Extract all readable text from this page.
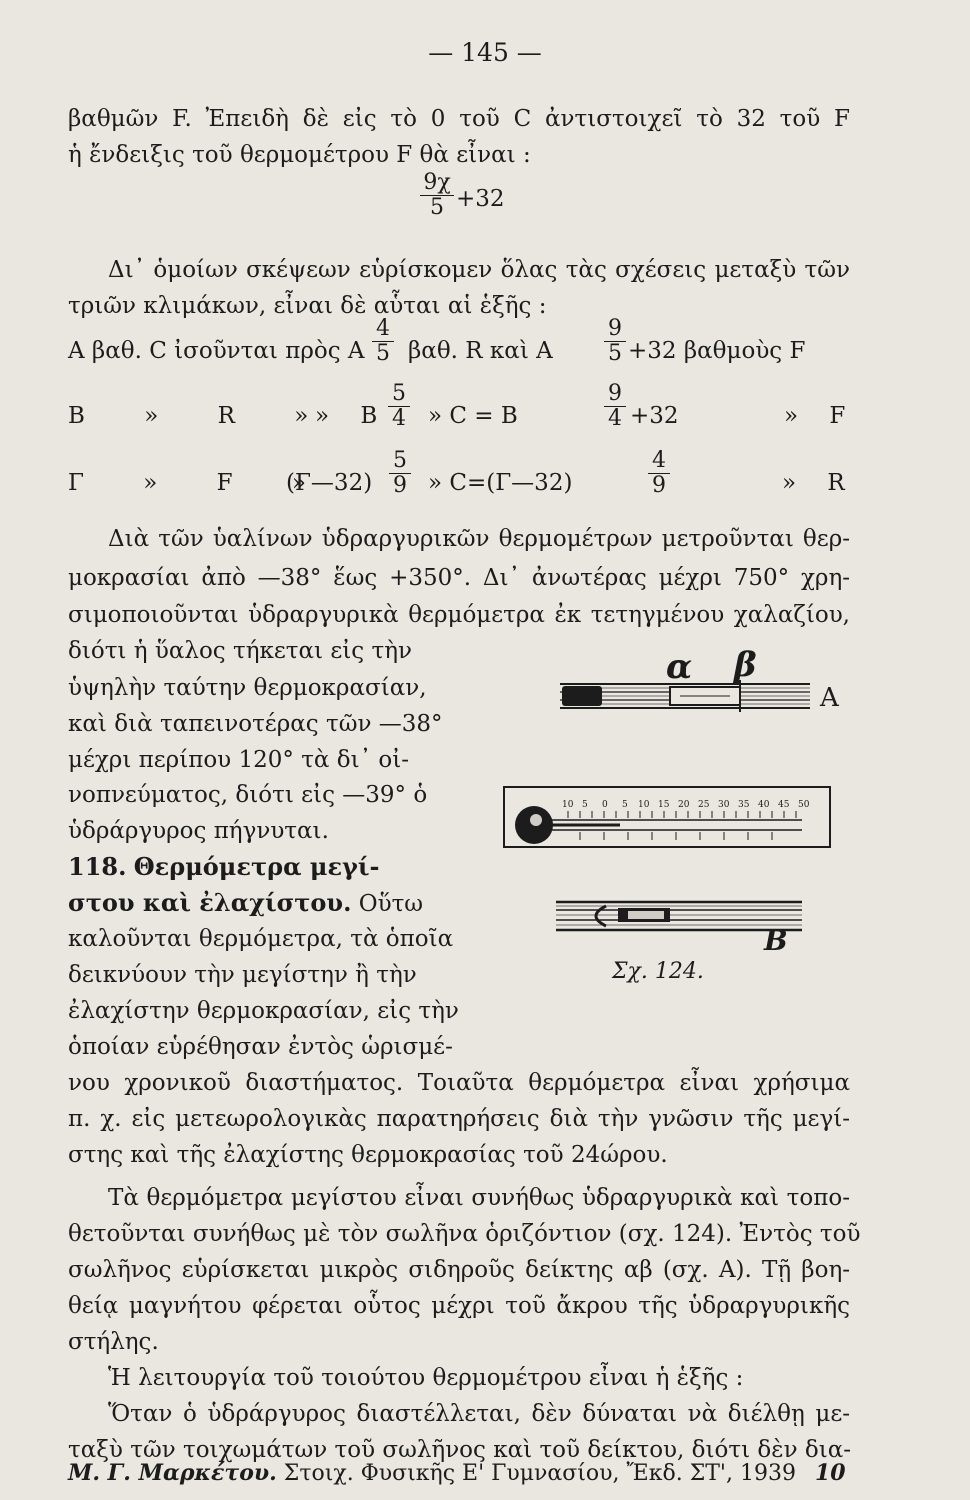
— 145 —
βαθμῶν F. Ἐπειδὴ δὲ εἰς τὸ 0 τοῦ C ἀντιστοιχεῖ τὸ 32 τοῦ F
ἡ ἔνδειξις τοῦ θερμομέτρου F θὰ εἶναι :
9χ
5 +32
Δι᾿ ὁμοίων σκέψεων εὑρίσκομεν ὅλας τὰς σχέσεις μεταξὺ τῶν
τριῶν κλιμάκων, εἶναι δὲ αὗται αἱ ἑξῆς :
A βαθ. C ἰσοῦνται πρὸς A
4
5 βαθ. R καὶ A
9
5 +32 βαθμοὺς F
B » R » » B
5
4 » C = B
9
4 +32	» F
Γ » F »
(Γ—32)
5
9 » C=(Γ—32)
4
9	» R
Διὰ τῶν ὑαλίνων ὑδραργυρικῶν θερμομέτρων μετροῦνται θερ-
μοκρασίαι ἀπὸ —38° ἕως +350°. Δι᾿ ἀνωτέρας μέχρι 750° χρη-
σιμοποιοῦνται ὑδραργυρικὰ θερμόμετρα ἐκ τετηγμένου χαλαζίου,
διότι ἡ ὕαλος τήκεται εἰς τὴν
ὑψηλὴν ταύτην θερμοκρασίαν,
καὶ διὰ ταπεινοτέρας τῶν —38°
μέχρι περίπου 120° τὰ δι᾿ οἰ-
νοπνεύματος, διότι εἰς —39° ὁ
ὑδράργυρος πήγνυται.
118. Θερμόμετρα μεγί-
στου καὶ ἐλαχίστου. Οὕτω
καλοῦνται θερμόμετρα, τὰ ὁποῖα
δεικνύουν τὴν μεγίστην ἢ τὴν
ἐλαχίστην θερμοκρασίαν, εἰς τὴν
ὁποίαν εὑρέθησαν ἐντὸς ὡρισμέ-
νου χρονικοῦ διαστήματος. Τοιαῦτα θερμόμετρα εἶναι χρήσιμα
π. χ. εἰς μετεωρολογικὰς παρατηρήσεις διὰ τὴν γνῶσιν τῆς μεγί-
στης καὶ τῆς ἐλαχίστης θερμοκρασίας τοῦ 24ώρου.
Τὰ θερμόμετρα μεγίστου εἶναι συνήθως ὑδραργυρικὰ καὶ τοπο-
θετοῦνται συνήθως μὲ τὸν σωλῆνα ὁριζόντιον (σχ. 124). Ἐντὸς τοῦ
σωλῆνος εὑρίσκεται μικρὸς σιδηροῦς δείκτης αβ (σχ. A). Τῇ βοη-
θείᾳ μαγνήτου φέρεται οὗτος μέχρι τοῦ ἄκρου τῆς ὑδραργυρικῆς
στήλης.
Ἡ λειτουργία τοῦ τοιούτου θερμομέτρου εἶναι ἡ ἑξῆς :
Ὅταν ὁ ὑδράργυρος διαστέλλεται, δὲν δύναται νὰ διέλθῃ με-
ταξὺ τῶν τοιχωμάτων τοῦ σωλῆνος καὶ τοῦ δείκτου, διότι δὲν δια-
Μ. Γ. Μαρκέτου. Στοιχ. Φυσικῆς Ε' Γυμνασίου, Ἔκδ. ΣΤ', 1939 10
α β
A
10 5 0 5 10 15 20 25 30 35 40 45 50
B
Σχ. 124.
